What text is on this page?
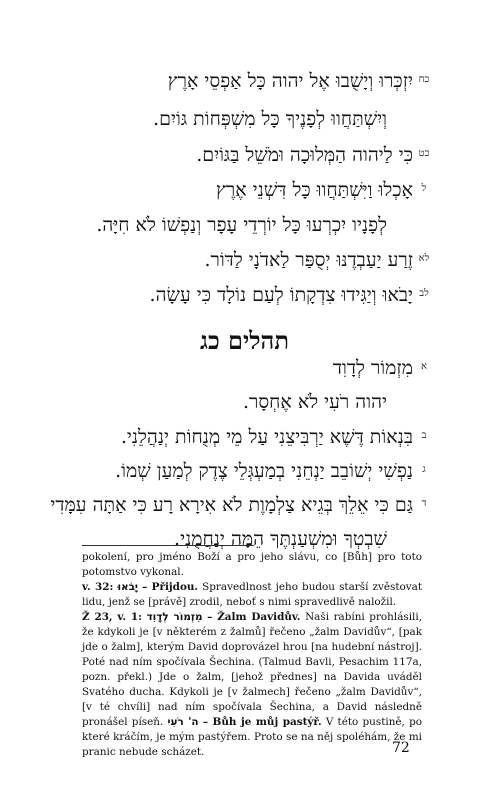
כחיִזְכְּרוּ וְיָשֻׁבוּ אֶל יהוה כָּל אַפְסֵי אָרֶץ
וְיִשְׁתַּחֲווּ לְפָנֶיךָ כָּל מִשְׁפְּחוֹת גּוֹיִם.
כטכִּי לַיהוה הַמְּלוּכָה וּמֹשֵׁל בַּגּוֹיִם.
לאָכְלוּ וַיִּשְׁתַּחֲווּ כָּל דִּשְׁנֵי אֶרֶץ
לְפָנָיו יִכְרְעוּ כָּל יוֹרְדֵי עָפָר וְנַפְשׁוֹ לֹא חִיָּה.
לאזֶרַע יַעַבְדֶנּוּ יְסֻפַּר לַאדֹנָי לַדּוֹר.
לביָבֹאוּ וְיַגִּידוּ צִדְקָתוֹ לְעַם נוֹלָד כִּי עָשָׂה.
תהלים כג
אמִזְמוֹר לְדָוִד
יהוה רֹעִי לֹא אֶחְסָר.
בבִּנְאוֹת דֶּשֶׁא יַרְבִּיצֵנִי עַל מֵי מְנֻחוֹת יְנַהֲלֵנִי.
גנַפְשִׁי יְשׁוֹבֵב יַנְחֵנִי בְמַעְגְּלֵי צֶדֶק לְמַעַן שְׁמוֹ.
דגַּם כִּי אֵלֵךְ בְּגֵיא צַלְמָוֶת לֹא אִירָא רָע כִּי אַתָּה עִמָּדִי
שִׁבְטְךָ וּמִשְׁעַנְתֶּךָ הֵמָּה יְנַחֲמֻנִי.

pokolení, pro jméno Boží a pro jeho slávu, co [Bůh] pro toto potomstvo vykonal.

v. 32: יָבֹאוּ – Přijdou. Spravedlnost jeho budou starší zvěstovat lidu, jenž se [právě] zrodil, neboť s nimi spravedlivě naložil.

Ž 23, v. 1: מִזְמוֹר לְדָוִד – Žalm Davidův. Naši rabíni prohlásili, že kdykoli je [v některém z žalmů] řečeno „žalm Davidův“, [pak jde o žalm], kterým David doprovázel hrou [na hudební nástroj]. Poté nad ním spočívala Šechina. (Talmud Bavli, Pesachim 117a, pozn. překl.) Jde o žalm, [jehož přednes] na Davida uváděl Svatého ducha. Kdykoli je [v žalmech] řečeno „žalm Davidův“, [v té chvíli] nad ním spočívala Šechina, a David následně pronášel píseň. ה' רֹעִי – Bůh je můj pastýř. V této pustině, po které kráčím, je mým pastýřem. Proto se na něj spoléhám, že mi pranic nebude scházet.	72
